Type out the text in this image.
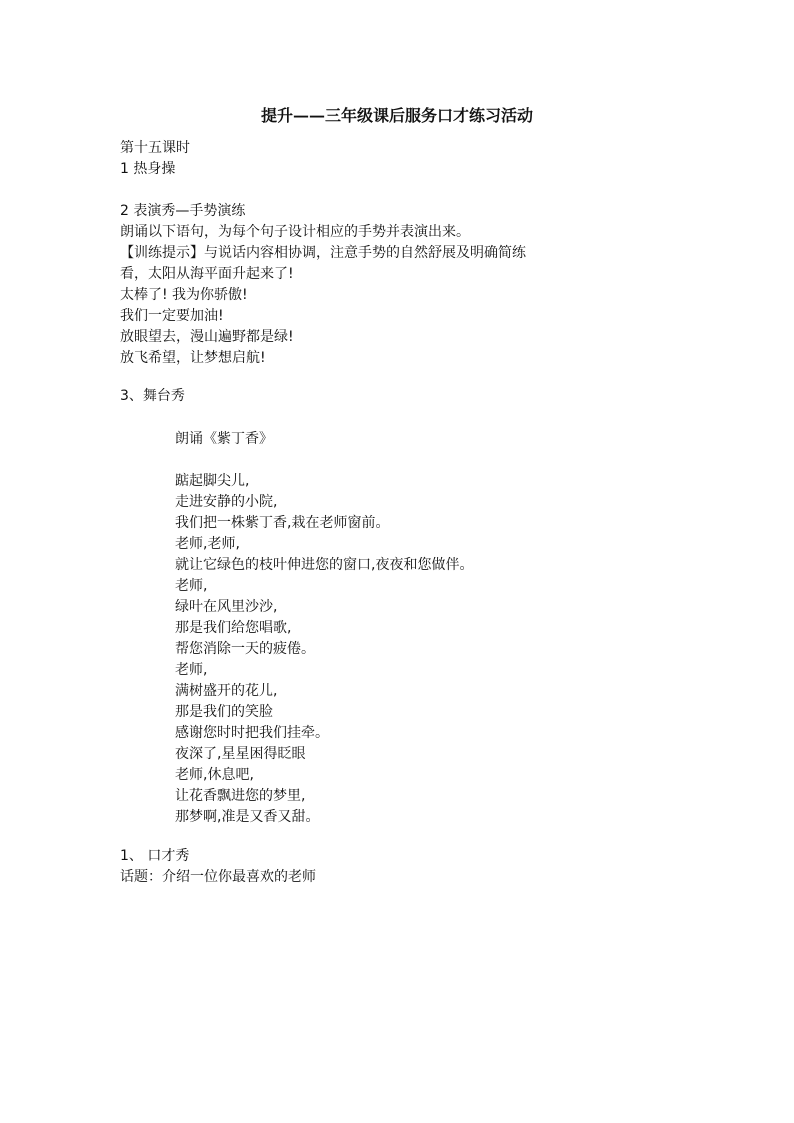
提升——三年级课后服务口才练习活动
第十五课时
1 热身操
2 表演秀—手势演练
朗诵以下语句，为每个句子设计相应的手势并表演出来。
【训练提示】与说话内容相协调，注意手势的自然舒展及明确简练
看，太阳从海平面升起来了!
太棒了! 我为你骄傲!
我们一定要加油!
放眼望去，漫山遍野都是绿!
放飞希望，让梦想启航!
3、舞台秀
朗诵《紫丁香》
踮起脚尖儿,
走进安静的小院,
我们把一株紫丁香,栽在老师窗前。
老师,老师,
就让它绿色的枝叶伸进您的窗口,夜夜和您做伴。
老师,
绿叶在风里沙沙,
那是我们给您唱歌,
帮您消除一天的疲倦。
老师,
满树盛开的花儿,
那是我们的笑脸
感谢您时时把我们挂牵。
夜深了,星星困得眨眼
老师,休息吧,
让花香飘进您的梦里,
那梦啊,准是又香又甜。
1、 口才秀
话题：介绍一位你最喜欢的老师
